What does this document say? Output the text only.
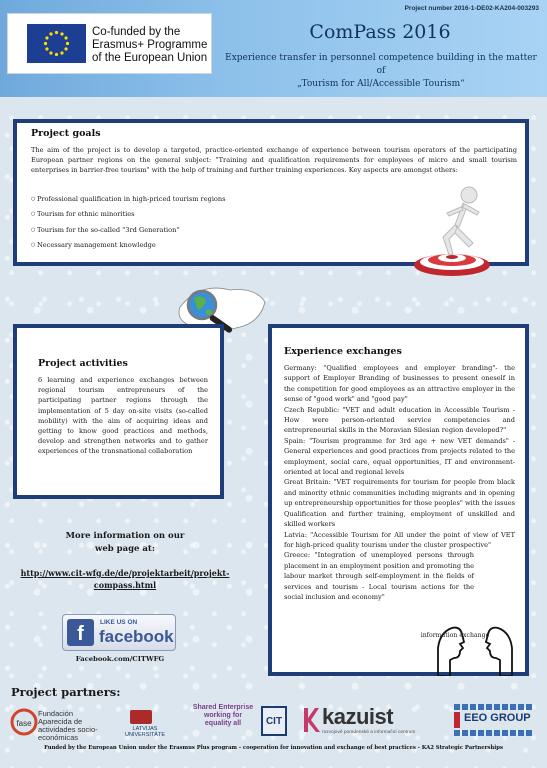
Co-funded by the
Erasmus+ Programme
of the European Union
Project number 2016-1-DE02-KA204-003293
ComPass 2016
Experience transfer in personnel competence building in the matter of
„Tourism for All/Accessible Tourism“
Project goals

The aim of the project is to develop a targeted, practice-oriented exchange of experience between tourism operators of the participating European partner regions on the general subject: "Training and qualification requirements for employees of micro and small tourism enterprises in barrier-free tourism" with the help of training and further training experiences. Key aspects are amongst others:

○ Professional qualification in high-priced tourism regions
○ Tourism for ethnic minorities
○ Tourism for the so-called "3rd Generation"
○ Necessary management knowledge
Project activities

6 learning and experience exchanges between regional tourism entrepreneurs of the participating partner regions through the implementation of 5 day on-site visits (so-called mobility) with the aim of acquiring ideas and getting to know good practices and methods, develop and strengthen networks and to gather experiences of the transnational collaboration

Experience exchanges

Germany: "Qualified employees and employer branding"- the support of Employer Branding of businesses to present oneself in the competition for good employees as an attractive employer in the sense of "good work" and "good pay"

Czech Republic: "VET and adult education in Accessible Tourism - How were person-oriented service competencies and entrepreneurial skills in the Moravian Silesian region developed?"

Spain: "Tourism programme for 3rd age + new VET demands" - General experiences and good practices from projects related to the employment, social care, equal opportunities, IT and environment-oriented at local and regional levels

Great Britain: "VET requirements for tourism for people from black and minority ethnic communities including migrants and in opening up entrepreneurship opportunities for those peoples" with the issues Qualification and further training, employment of unskilled and skilled workers

Latvia: "Accessible Tourism for All under the point of view of VET for high-priced quality tourism under the cluster prospective"

Greece: "Integration of unemployed persons through placement in an employment position and promoting the labour market through self-employment in the fields of services and tourism - Local tourism actions for the social inclusion and economy"

information exchange
More information on our
web page at:
http://www.cit-wfg.de/de/projektarbeit/projekt-
compass.html
f
LIKE US ON
facebook
Facebook.com/CITWFG
Project partners:
fase
Fundación Aparecida de actividades socio-económicas
LATVIJAS UNIVERSITĀTE
Shared Enterprise working for equality all	CIT kazuist
rozvojově poradenské a informační centrum
EEO GROUP
Funded by the European Union under the Erasmus Plus program - cooperation for innovation and exchange of best practices - KA2 Strategic Partnerships
